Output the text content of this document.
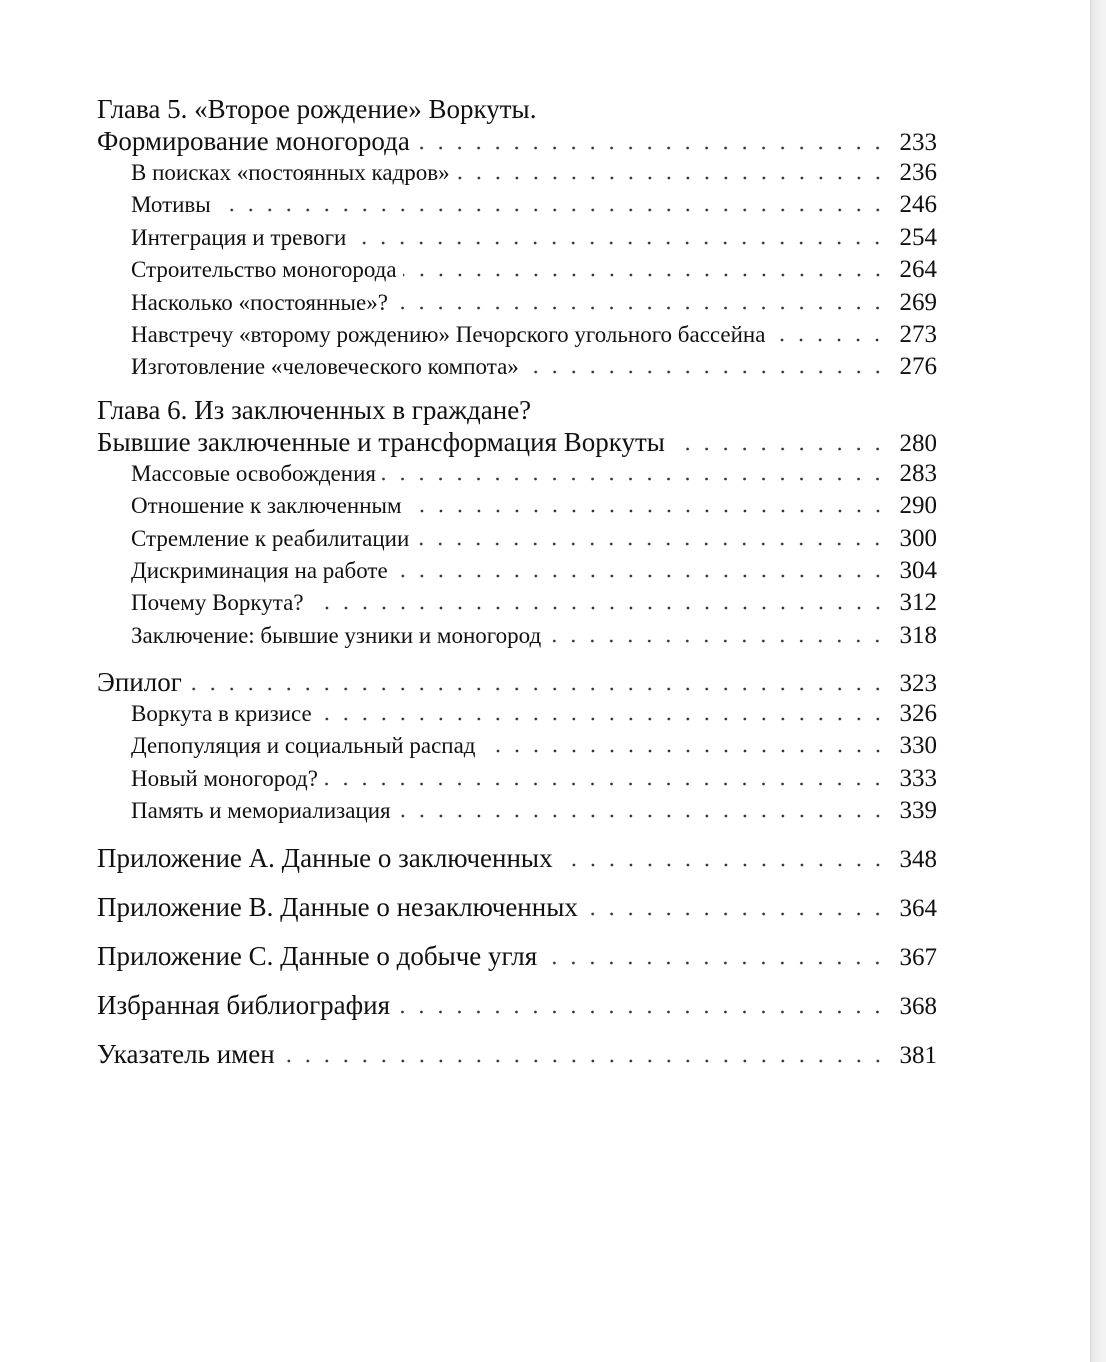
Глава 5. «Второе рождение» Воркуты.
Формирование моногорода	233
В поисках «постоянных кадров»	236
Мотивы	246
Интеграция и тревоги	254
Строительство моногорода	264
Насколько «постоянные»?	269
Навстречу «второму рождению» Печорского угольного бассейна	273
Изготовление «человеческого компота»	276
Глава 6. Из заключенных в граждане?
Бывшие заключенные и трансформация Воркуты	280
Массовые освобождения	283
Отношение к заключенным	290
Стремление к реабилитации	300
Дискриминация на работе	304
Почему Воркута?	312
Заключение: бывшие узники и моногород	318
Эпилог	323
Воркута в кризисе	326
Депопуляция и социальный распад	330
Новый моногород?	333
Память и мемориализация	339
Приложение A. Данные о заключенных	348
Приложение B. Данные о незаключенных	364
Приложение C. Данные о добыче угля	367
Избранная библиография	368
Указатель имен	381
